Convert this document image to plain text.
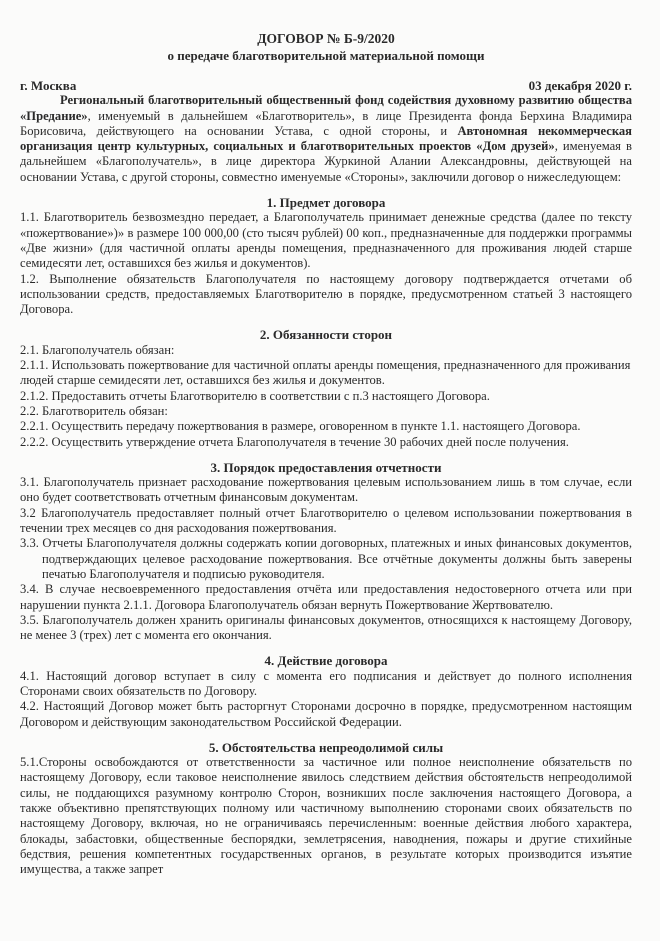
ДОГОВОР № Б-9/2020
о передаче благотворительной материальной помощи
г. Москва	03 декабря 2020 г.

Региональный благотворительный общественный фонд содействия духовному развитию общества «Предание», именуемый в дальнейшем «Благотворитель», в лице Президента фонда Берхина Владимира Борисовича, действующего на основании Устава, с одной стороны, и Автономная некоммерческая организация центр культурных, социальных и благотворительных проектов «Дом друзей», именуемая в дальнейшем «Благополучатель», в лице директора Журкиной Алании Александровны, действующей на основании Устава, с другой стороны, совместно именуемые «Стороны», заключили договор о нижеследующем:

1. Предмет договора

1.1. Благотворитель безвозмездно передает, а Благополучатель принимает денежные средства (далее по тексту «пожертвование»)» в размере 100 000,00 (сто тысяч рублей) 00 коп., предназначенные для поддержки программы «Две жизни» (для частичной оплаты аренды помещения, предназначенного для проживания людей старше семидесяти лет, оставшихся без жилья и документов).

1.2. Выполнение обязательств Благополучателя по настоящему договору подтверждается отчетами об использовании средств, предоставляемых Благотворителю в порядке, предусмотренном статьей 3 настоящего Договора.

2. Обязанности сторон

2.1. Благополучатель обязан:

2.1.1. Использовать пожертвование для частичной оплаты аренды помещения, предназначенного для проживания людей старше семидесяти лет, оставшихся без жилья и документов.

2.1.2. Предоставить отчеты Благотворителю в соответствии с п.3 настоящего Договора.

2.2. Благотворитель обязан:

2.2.1. Осуществить передачу пожертвования в размере, оговоренном в пункте 1.1. настоящего Договора.

2.2.2. Осуществить утверждение отчета Благополучателя в течение 30 рабочих дней после получения.

3. Порядок предоставления отчетности

3.1. Благополучатель признает расходование пожертвования целевым использованием лишь в том случае, если оно будет соответствовать отчетным финансовым документам.

3.2 Благополучатель предоставляет полный отчет Благотворителю о целевом использовании пожертвования в течении трех месяцев со дня расходования пожертвования.

3.3. Отчеты Благополучателя должны содержать копии договорных, платежных и иных финансовых документов, подтверждающих целевое расходование пожертвования. Все отчётные документы должны быть заверены печатью Благополучателя и подписью руководителя.

3.4. В случае несвоевременного предоставления отчёта или предоставления недостоверного отчета или при нарушении пункта 2.1.1. Договора Благополучатель обязан вернуть Пожертвование Жертвователю.

3.5. Благополучатель должен хранить оригиналы финансовых документов, относящихся к настоящему Договору, не менее 3 (трех) лет с момента его окончания.

4. Действие договора

4.1. Настоящий договор вступает в силу с момента его подписания и действует до полного исполнения Сторонами своих обязательств по Договору.

4.2. Настоящий Договор может быть расторгнут Сторонами досрочно в порядке, предусмотренном настоящим Договором и действующим законодательством Российской Федерации.

5. Обстоятельства непреодолимой силы

5.1.Стороны освобождаются от ответственности за частичное или полное неисполнение обязательств по настоящему Договору, если таковое неисполнение явилось следствием действия обстоятельств непреодолимой силы, не поддающихся разумному контролю Сторон, возникших после заключения настоящего Договора, а также объективно препятствующих полному или частичному выполнению сторонами своих обязательств по настоящему Договору, включая, но не ограничиваясь перечисленным: военные действия любого характера, блокады, забастовки, общественные беспорядки, землетрясения, наводнения, пожары и другие стихийные бедствия, решения компетентных государственных органов, в результате которых производится изъятие имущества, а также запрет
